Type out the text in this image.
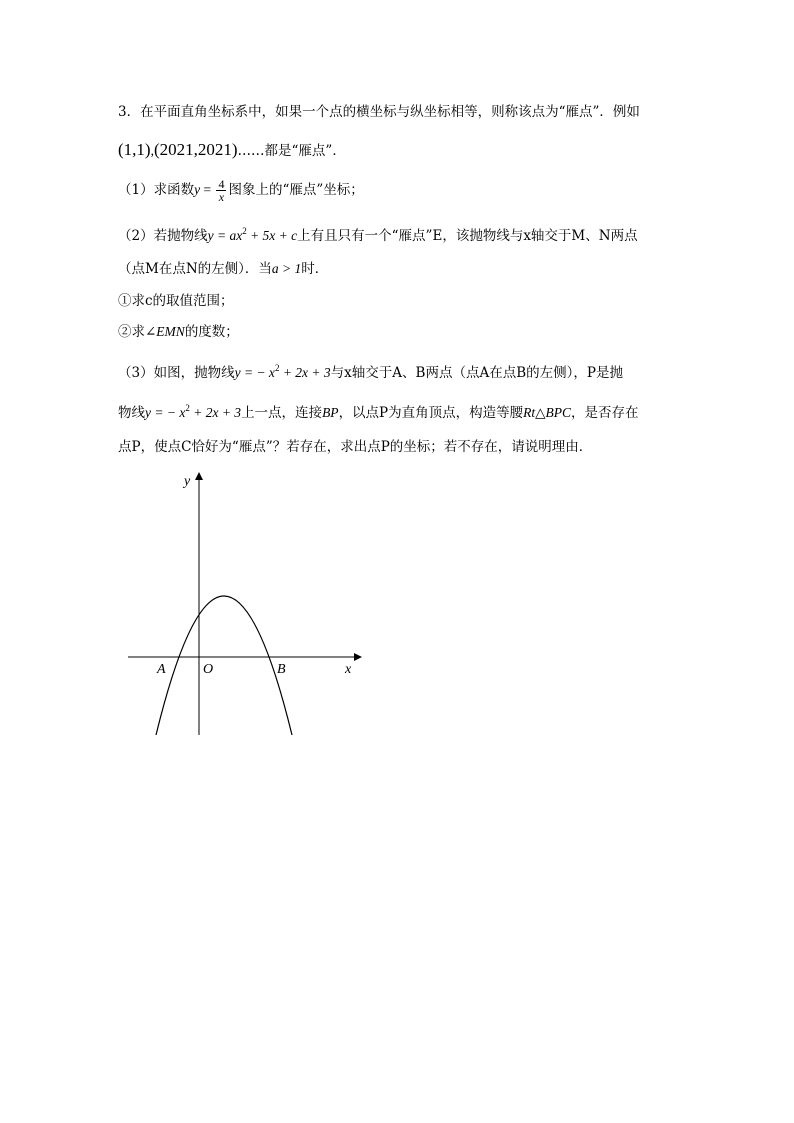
3．在平面直角坐标系中，如果一个点的横坐标与纵坐标相等，则称该点为“雁点”．例如
(1,1),(2021,2021)……都是“雁点”．
（1）求函数$y = \frac{4}{x}$ 图象上的“雁点”坐标；
（2）若抛物线$y = ax^2 + 5x + c$上有且只有一个“雁点”E，该抛物线与x轴交于M、N两点
（点M在点N的左侧）．当a > 1时．
①求c的取值范围；
②求∠EMN的度数；
（3）如图，抛物线y = − $x^2 + 2x + 3$与x轴交于A、B两点（点A在点B的左侧），P是抛
物线y = − $x^2 + 2x + 3$上一点，连接BP，以点P为直角顶点，构造等腰Rt△BPC，是否存在
点P，使点C恰好为“雁点”？若存在，求出点P的坐标；若不存在，请说明理由．
y
x
O
A	B
